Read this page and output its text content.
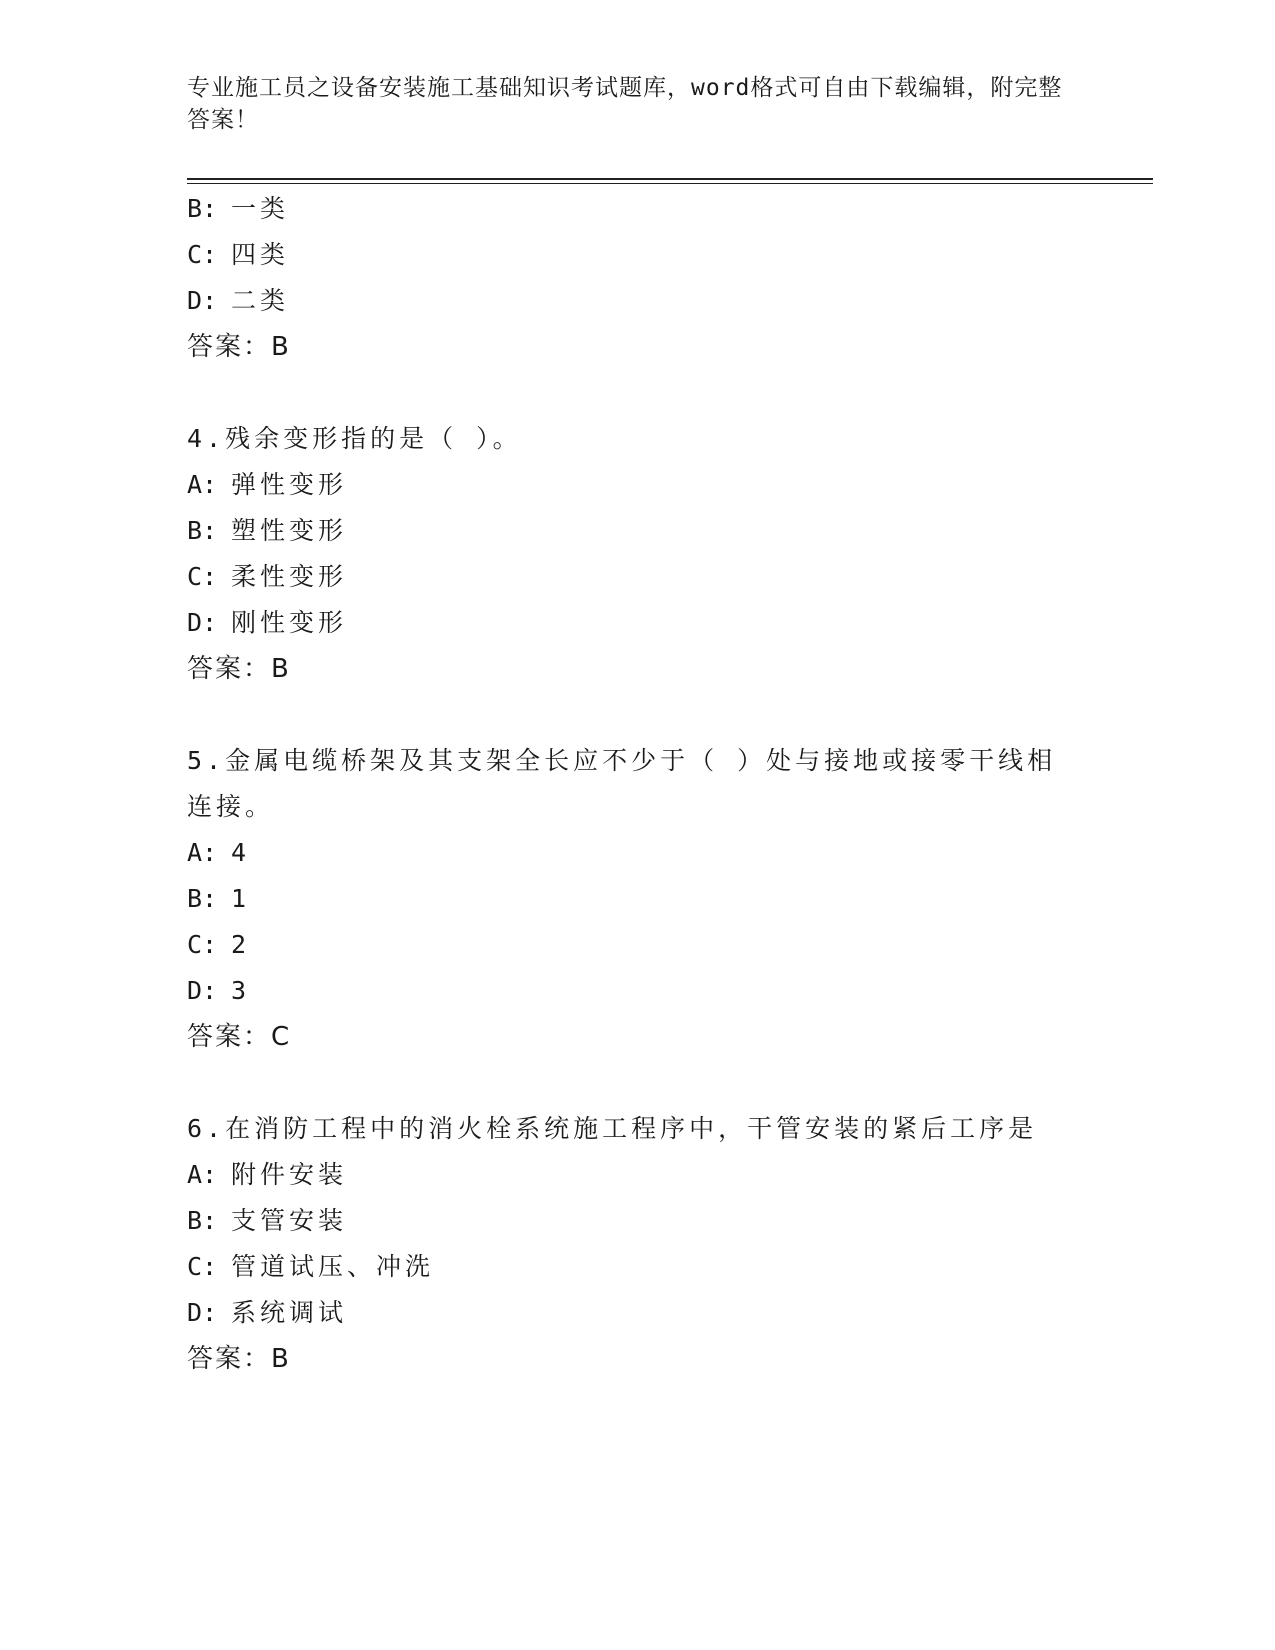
专业施工员之设备安装施工基础知识考试题库，word格式可自由下载编辑，附完整答案！
B: 一类
C: 四类
D: 二类
答案：B
4.残余变形指的是（ ）。
A: 弹性变形
B: 塑性变形
C: 柔性变形
D: 刚性变形
答案：B
5.金属电缆桥架及其支架全长应不少于（ ）处与接地或接零干线相连接。
A: 4
B: 1
C: 2
D: 3
答案：C
6.在消防工程中的消火栓系统施工程序中，干管安装的紧后工序是
A: 附件安装
B: 支管安装
C: 管道试压、冲洗
D: 系统调试
答案：B
